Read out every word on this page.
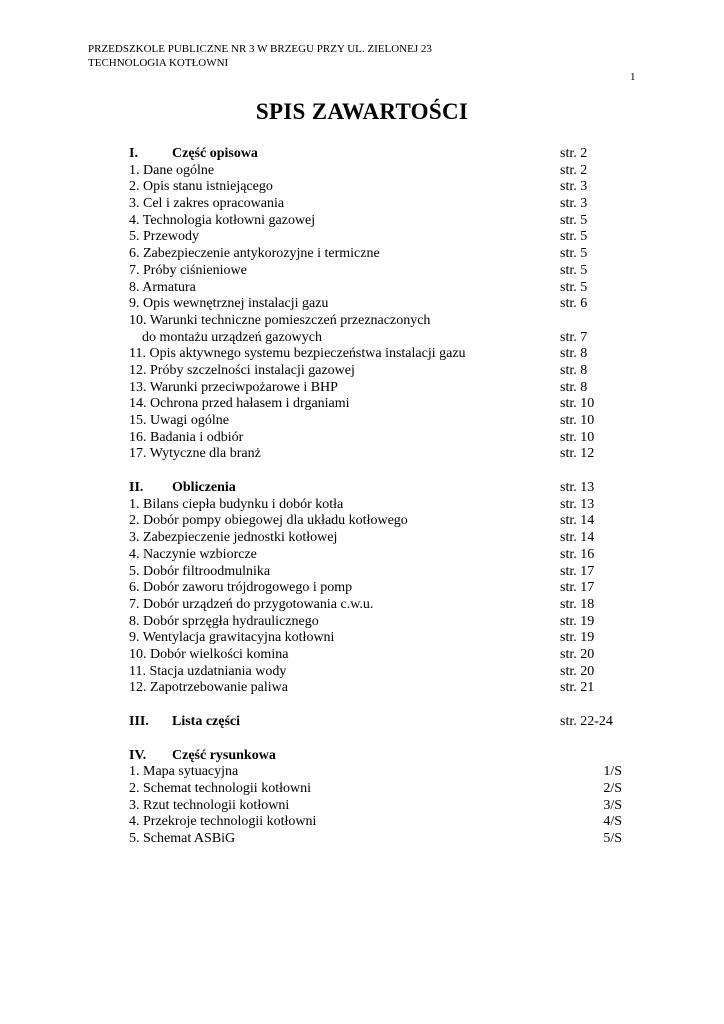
PRZEDSZKOLE PUBLICZNE NR 3 W BRZEGU PRZY UL. ZIELONEJ 23
TECHNOLOGIA KOTŁOWNI
1
SPIS ZAWARTOŚCI
I. Część opisowa	str. 2
1. Dane ogólne	str. 2
2. Opis stanu istniejącego	str. 3
3. Cel i zakres opracowania	str. 3
4. Technologia kotłowni gazowej	str. 5
5. Przewody	str. 5
6. Zabezpieczenie antykorozyjne i termiczne	str. 5
7. Próby ciśnieniowe	str. 5
8. Armatura	str. 5
9. Opis wewnętrznej instalacji gazu	str. 6
10. Warunki techniczne pomieszczeń przeznaczonych
do montażu urządzeń gazowych	str. 7
11. Opis aktywnego systemu bezpieczeństwa instalacji gazu	str. 8
12. Próby szczelności instalacji gazowej	str. 8
13. Warunki przeciwpożarowe i BHP	str. 8
14. Ochrona przed hałasem i drganiami	str. 10
15. Uwagi ogólne	str. 10
16. Badania i odbiór	str. 10
17. Wytyczne dla branż	str. 12
II. Obliczenia	str. 13
1. Bilans ciepła budynku i dobór kotła	str. 13
2. Dobór pompy obiegowej dla układu kotłowego	str. 14
3. Zabezpieczenie jednostki kotłowej	str. 14
4. Naczynie wzbiorcze	str. 16
5. Dobór filtroodmulnika	str. 17
6. Dobór zaworu trójdrogowego i pomp	str. 17
7. Dobór urządzeń do przygotowania c.w.u.	str. 18
8. Dobór sprzęgła hydraulicznego	str. 19
9. Wentylacja grawitacyjna kotłowni	str. 19
10. Dobór wielkości komina	str. 20
11. Stacja uzdatniania wody	str. 20
12. Zapotrzebowanie paliwa	str. 21
III. Lista części	str. 22-24
IV. Część rysunkowa
1. Mapa sytuacyjna	1/S
2. Schemat technologii kotłowni	2/S
3. Rzut technologii kotłowni	3/S
4. Przekroje technologii kotłowni	4/S
5. Schemat ASBiG	5/S
